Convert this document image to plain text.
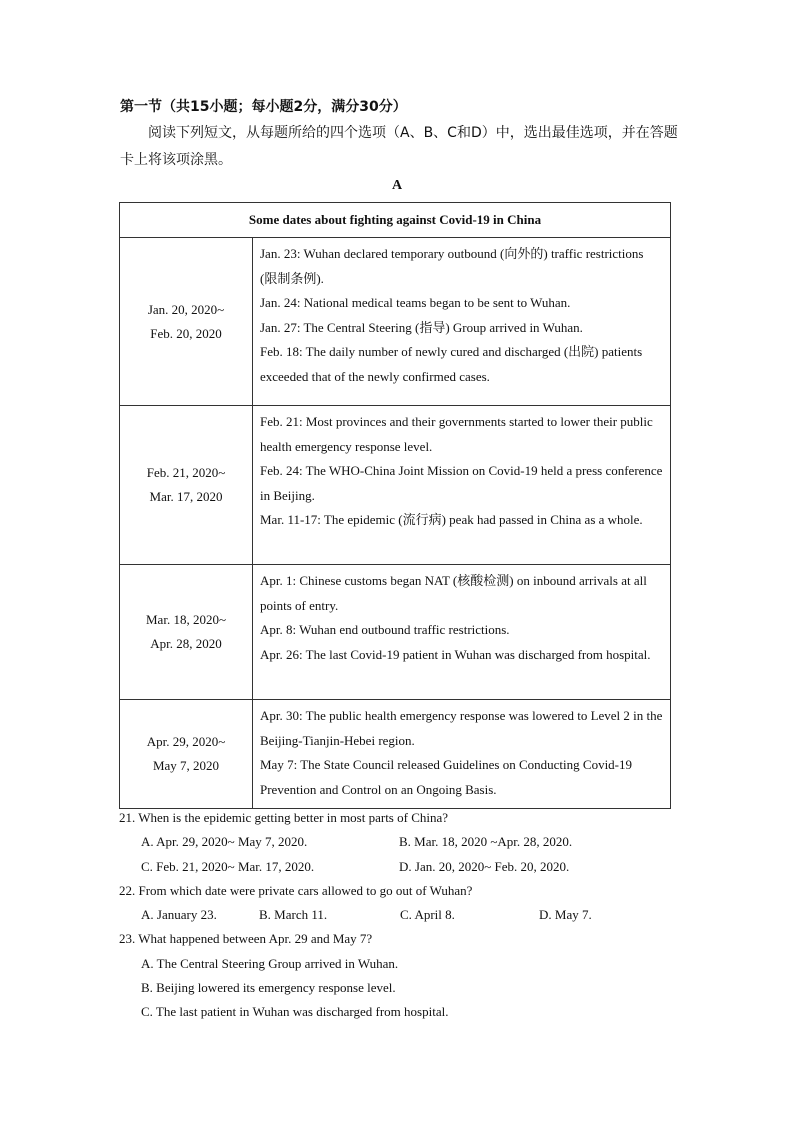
第一节（共15小题；每小题2分，满分30分）
阅读下列短文，从每题所给的四个选项（A、B、C和D）中，选出最佳选项，并在答题卡上将该项涂黑。
A
Some dates about fighting against Covid-19 in China	

Jan. 20, 2020~
Feb. 20, 2020	Jan. 23: Wuhan declared temporary outbound (向外的) traffic restrictions (限制条例).
Jan. 24: National medical teams began to be sent to Wuhan.
Jan. 27: The Central Steering (指导) Group arrived in Wuhan.
Feb. 18: The daily number of newly cured and discharged (出院) patients exceeded that of the newly confirmed cases.

Feb. 21, 2020~
Mar. 17, 2020	Feb. 21: Most provinces and their governments started to lower their public health emergency response level.
Feb. 24: The WHO-China Joint Mission on Covid-19 held a press conference in Beijing.
Mar. 11-17: The epidemic (流行病) peak had passed in China as a whole.

Mar. 18, 2020~
Apr. 28, 2020	Apr. 1: Chinese customs began NAT (核酸检测) on inbound arrivals at all points of entry.
Apr. 8: Wuhan end outbound traffic restrictions.
Apr. 26: The last Covid-19 patient in Wuhan was discharged from hospital.

Apr. 29, 2020~
May 7, 2020	Apr. 30: The public health emergency response was lowered to Level 2 in the Beijing-Tianjin-Hebei region.
May 7: The State Council released Guidelines on Conducting Covid-19 Prevention and Control on an Ongoing Basis.
21. When is the epidemic getting better in most parts of China?
A. Apr. 29, 2020~ May 7, 2020.	B. Mar. 18, 2020 ~Apr. 28, 2020.
C. Feb. 21, 2020~ Mar. 17, 2020.	D. Jan. 20, 2020~ Feb. 20, 2020.
22. From which date were private cars allowed to go out of Wuhan?
A. January 23.	B. March 11.	C. April 8.	D. May 7.
23. What happened between Apr. 29 and May 7?
A. The Central Steering Group arrived in Wuhan.
B. Beijing lowered its emergency response level.
C. The last patient in Wuhan was discharged from hospital.
